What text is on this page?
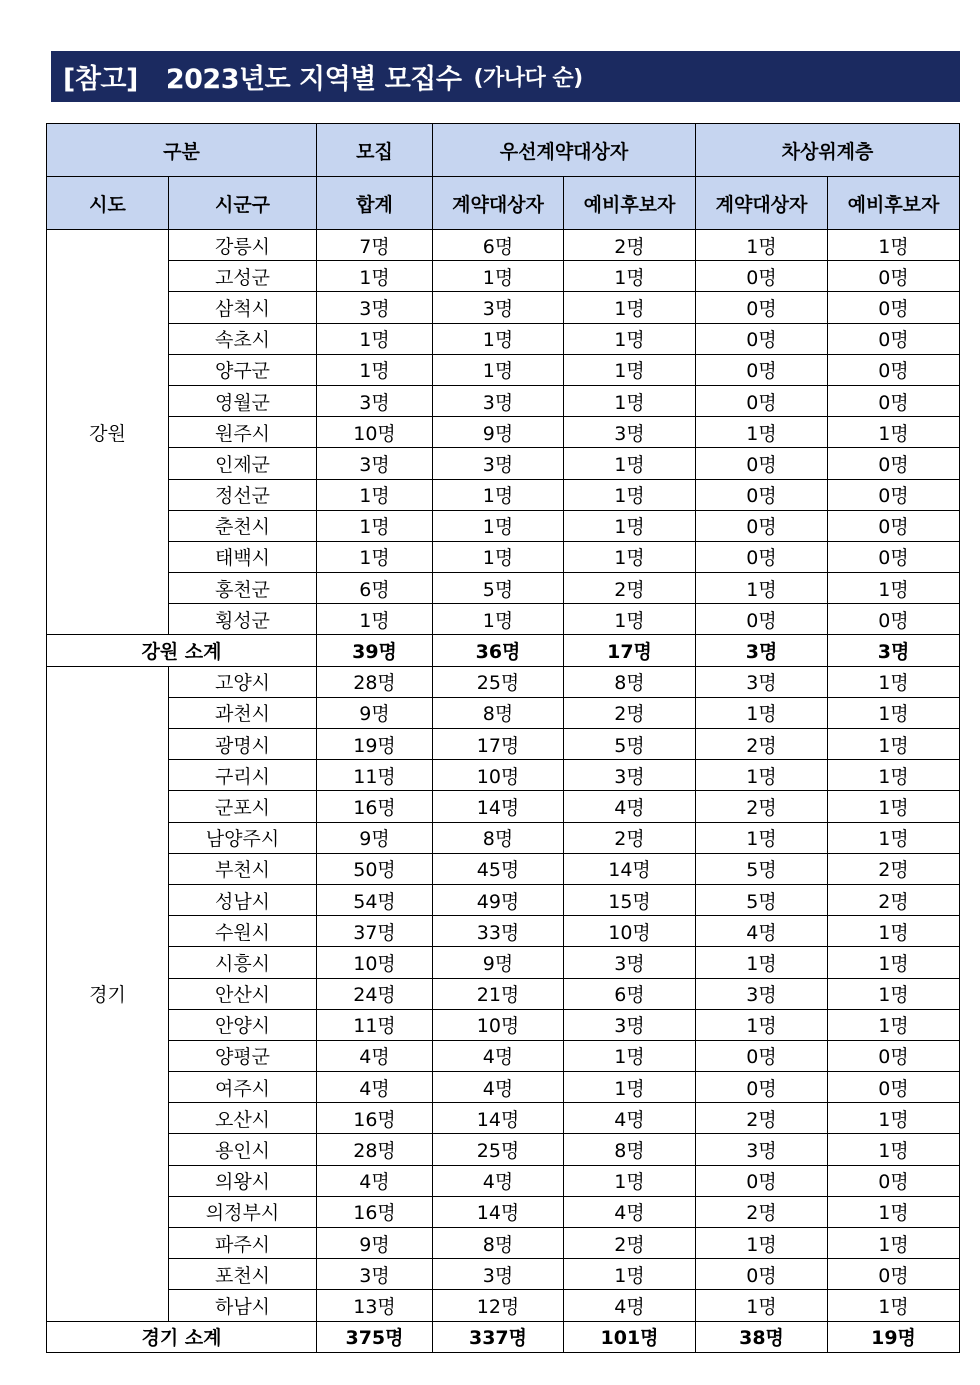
[참고] 2023년도 지역별 모집수 (가나다 순)
구분		모집	우선계약대상자		차상위계층	
시도	시군구	합계	계약대상자	예비후보자	계약대상자	예비후보자
강원	강릉시	7명	6명	2명	1명	1명
	고성군	1명	1명	1명	0명	0명
	삼척시	3명	3명	1명	0명	0명
	속초시	1명	1명	1명	0명	0명
	양구군	1명	1명	1명	0명	0명
	영월군	3명	3명	1명	0명	0명
	원주시	10명	9명	3명	1명	1명
	인제군	3명	3명	1명	0명	0명
	정선군	1명	1명	1명	0명	0명
	춘천시	1명	1명	1명	0명	0명
	태백시	1명	1명	1명	0명	0명
	홍천군	6명	5명	2명	1명	1명
	횡성군	1명	1명	1명	0명	0명
강원 소계		39명	36명	17명	3명	3명
경기	고양시	28명	25명	8명	3명	1명
	과천시	9명	8명	2명	1명	1명
	광명시	19명	17명	5명	2명	1명
	구리시	11명	10명	3명	1명	1명
	군포시	16명	14명	4명	2명	1명
	남양주시	9명	8명	2명	1명	1명
	부천시	50명	45명	14명	5명	2명
	성남시	54명	49명	15명	5명	2명
	수원시	37명	33명	10명	4명	1명
	시흥시	10명	9명	3명	1명	1명
	안산시	24명	21명	6명	3명	1명
	안양시	11명	10명	3명	1명	1명
	양평군	4명	4명	1명	0명	0명
	여주시	4명	4명	1명	0명	0명
	오산시	16명	14명	4명	2명	1명
	용인시	28명	25명	8명	3명	1명
	의왕시	4명	4명	1명	0명	0명
	의정부시	16명	14명	4명	2명	1명
	파주시	9명	8명	2명	1명	1명
	포천시	3명	3명	1명	0명	0명
	하남시	13명	12명	4명	1명	1명
경기 소계		375명	337명	101명	38명	19명
